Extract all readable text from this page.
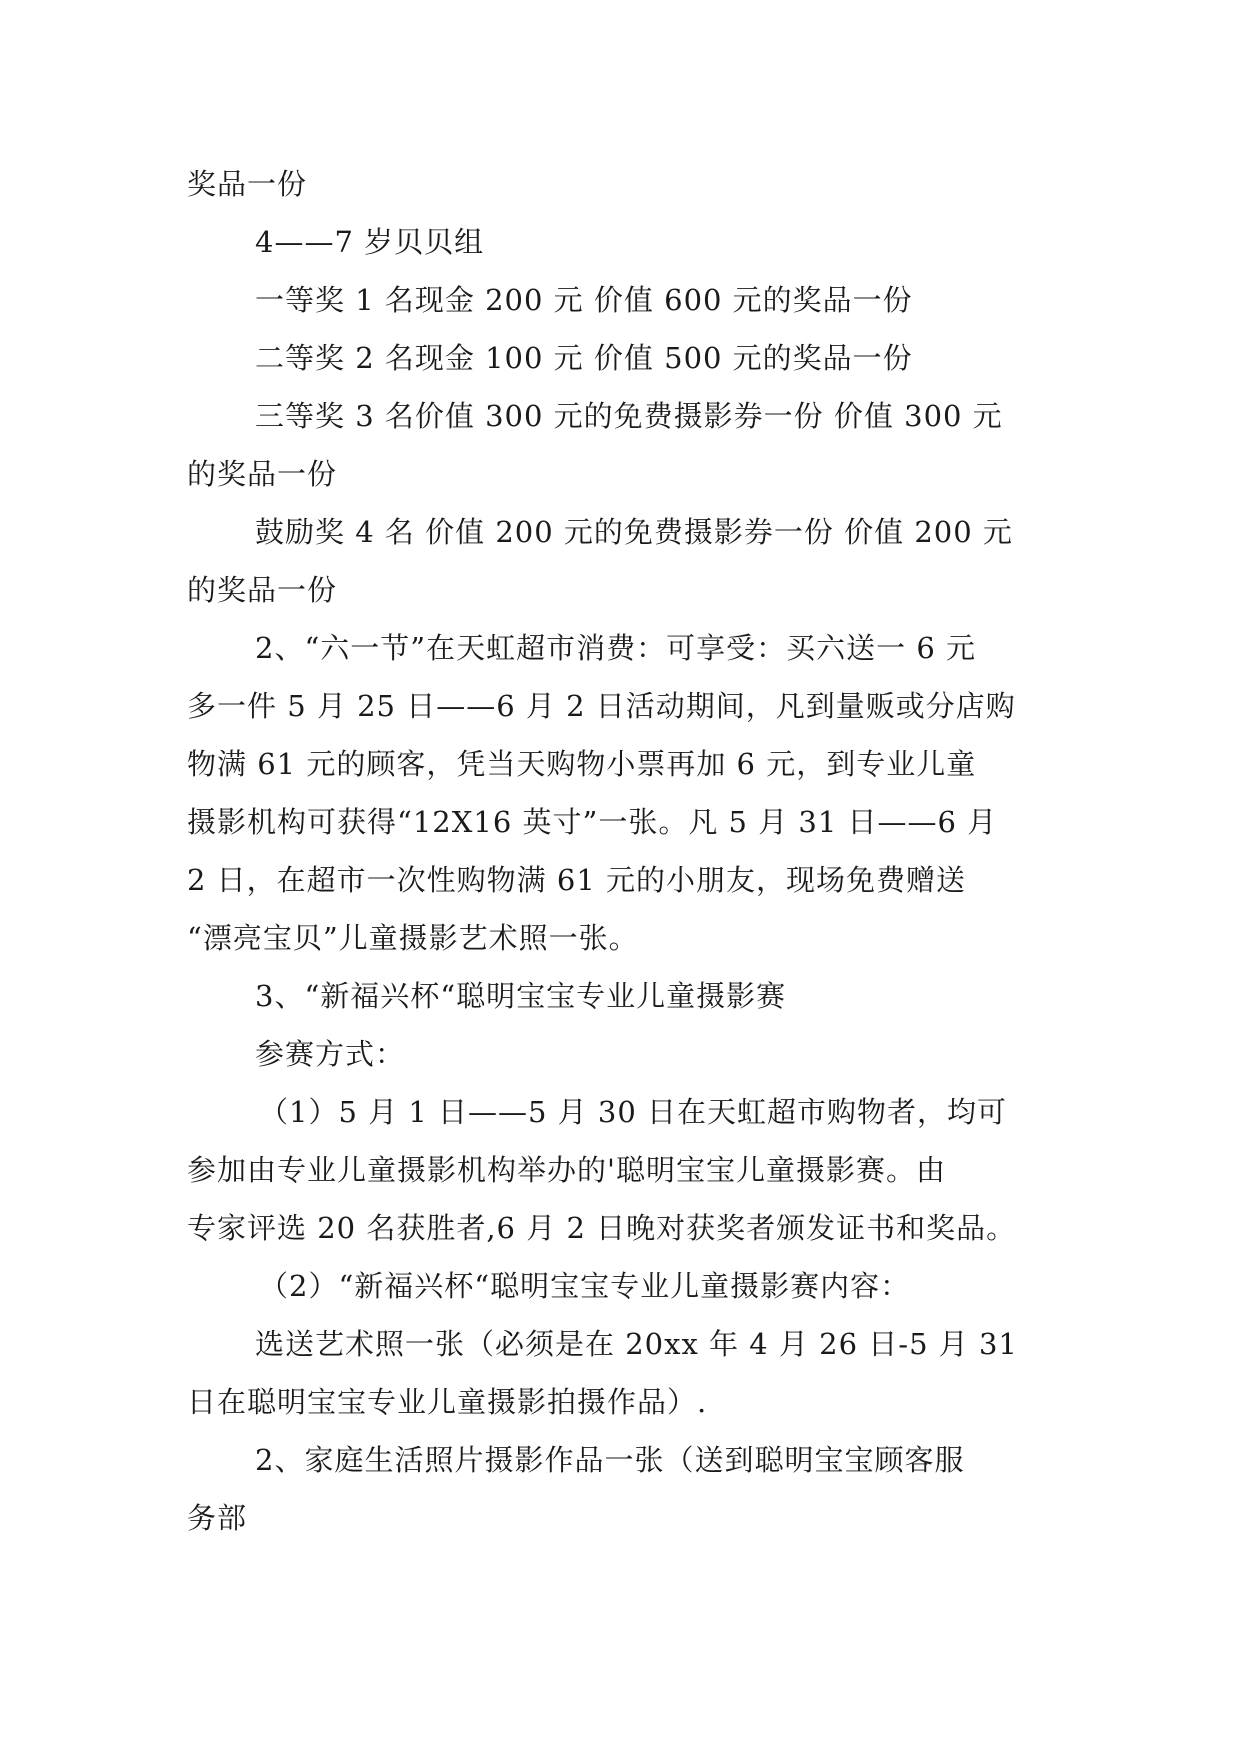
奖品一份
4——7 岁贝贝组
一等奖 1 名现金 200 元 价值 600 元的奖品一份
二等奖 2 名现金 100 元 价值 500 元的奖品一份
三等奖 3 名价值 300 元的免费摄影券一份 价值 300 元
的奖品一份
鼓励奖 4 名 价值 200 元的免费摄影券一份 价值 200 元
的奖品一份
2、“六一节”在天虹超市消费：可享受：买六送一 6 元
多一件 5 月 25 日——6 月 2 日活动期间，凡到量贩或分店购
物满 61 元的顾客，凭当天购物小票再加 6 元，到专业儿童
摄影机构可获得“12X16 英寸”一张。凡 5 月 31 日——6 月
2 日，在超市一次性购物满 61 元的小朋友，现场免费赠送
“漂亮宝贝”儿童摄影艺术照一张。
3、“新福兴杯“聪明宝宝专业儿童摄影赛
参赛方式：
（1）5 月 1 日——5 月 30 日在天虹超市购物者，均可
参加由专业儿童摄影机构举办的'聪明宝宝儿童摄影赛。由
专家评选 20 名获胜者,6 月 2 日晚对获奖者颁发证书和奖品。
（2）“新福兴杯“聪明宝宝专业儿童摄影赛内容：
选送艺术照一张（必须是在 20xx 年 4 月 26 日-5 月 31
日在聪明宝宝专业儿童摄影拍摄作品）.
2、家庭生活照片摄影作品一张（送到聪明宝宝顾客服
务部
